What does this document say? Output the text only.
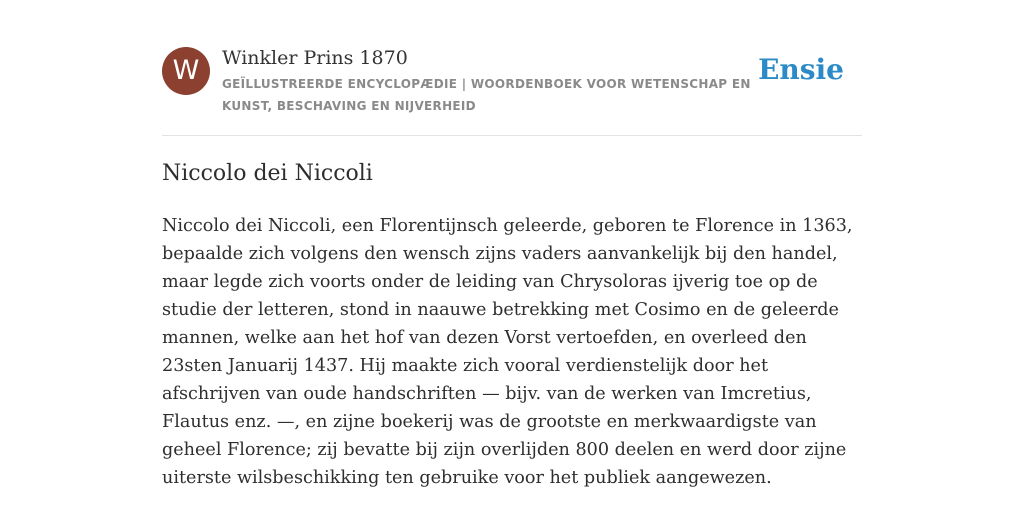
W	Winkler Prins 1870

GEÏLLUSTREERDE ENCYCLOPÆDIE | WOORDENBOEK VOOR WETENSCHAP EN KUNST, BESCHAVING EN NIJVERHEID

Ensie
Niccolo dei Niccoli

Niccolo dei Niccoli, een Florentijnsch geleerde, geboren te Florence in 1363, bepaalde zich volgens den wensch zijns vaders aanvankelijk bij den handel, maar legde zich voorts onder de leiding van Chrysoloras ijverig toe op de studie der letteren, stond in naauwe betrekking met Cosimo en de geleerde mannen, welke aan het hof van dezen Vorst vertoefden, en overleed den 23sten Januarij 1437. Hij maakte zich vooral verdienstelijk door het afschrijven van oude handschriften — bijv. van de werken van Imcretius, Flautus enz. —, en zijne boekerij was de grootste en merkwaardigste van geheel Florence; zij bevatte bij zijn overlijden 800 deelen en werd door zijne uiterste wilsbeschikking ten gebruike voor het publiek aangewezen.
